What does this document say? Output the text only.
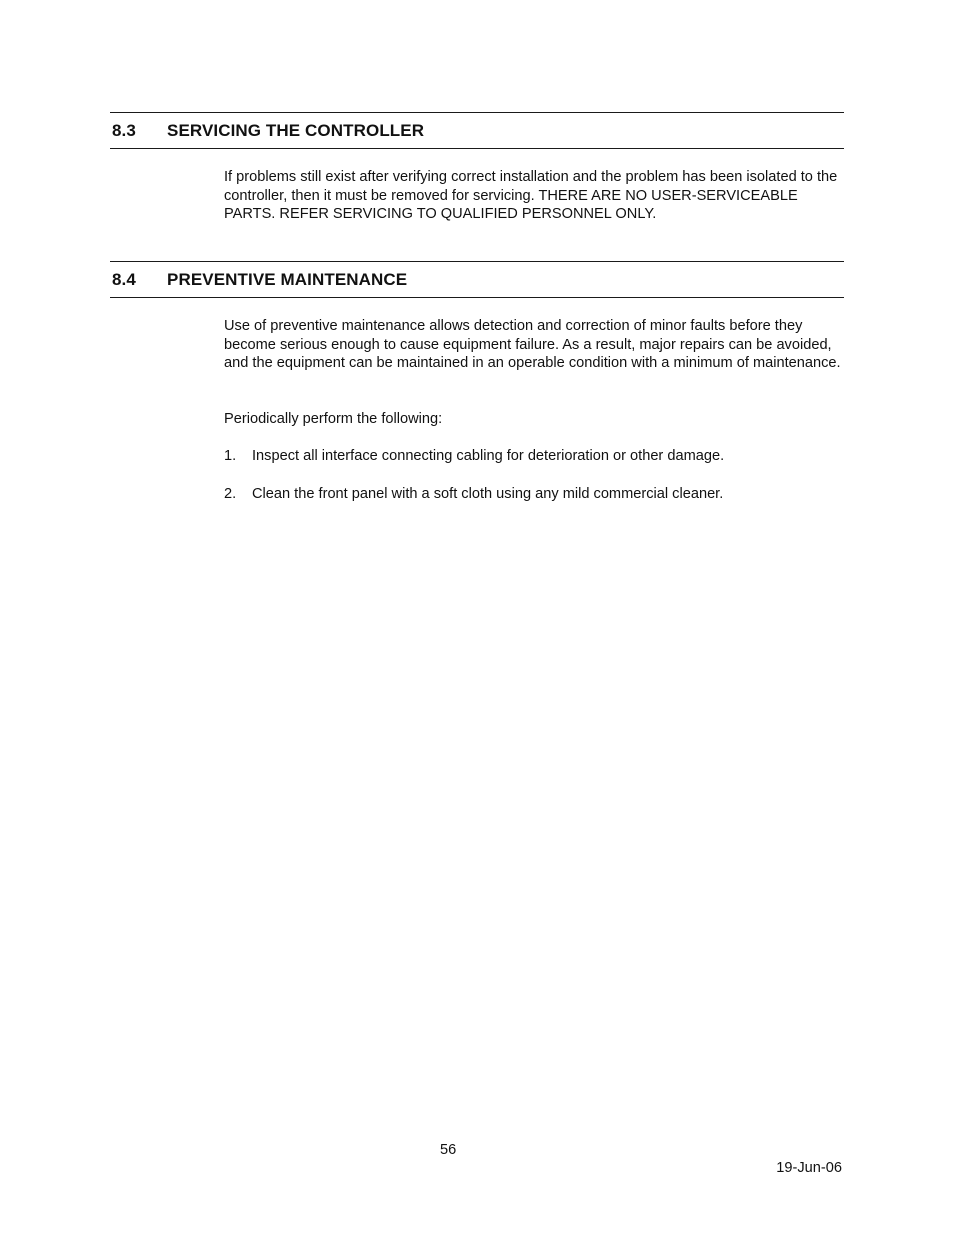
8.3 SERVICING THE CONTROLLER

If problems still exist after verifying correct installation and the problem has been isolated to the controller, then it must be removed for servicing. THERE ARE NO USER-SERVICEABLE PARTS. REFER SERVICING TO QUALIFIED PERSONNEL ONLY.

8.4 PREVENTIVE MAINTENANCE

Use of preventive maintenance allows detection and correction of minor faults before they become serious enough to cause equipment failure. As a result, major repairs can be avoided, and the equipment can be maintained in an operable condition with a minimum of maintenance.

Periodically perform the following:

1. Inspect all interface connecting cabling for deterioration or other damage.
2. Clean the front panel with a soft cloth using any mild commercial cleaner.
56
19-Jun-06
